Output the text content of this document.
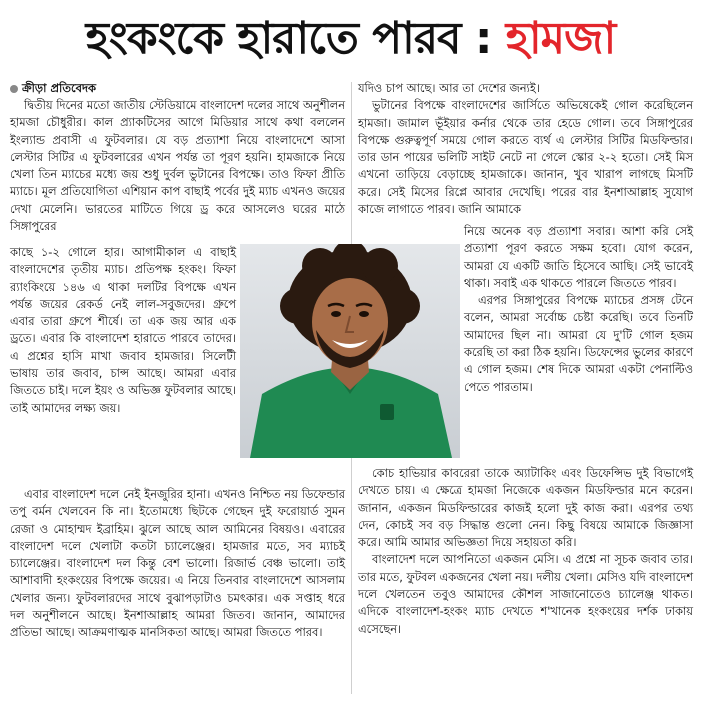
হংকংকে হারাতে পারব : হামজা
ক্রীড়া প্রতিবেদক

দ্বিতীয় দিনের মতো জাতীয় স্টেডিয়ামে বাংলাদেশ দলের সাথে অনুশীলন হামজা চৌধুরীর। কাল প্র্যাকটিসের আগে মিডিয়ার সাথে কথা বললেন ইংল্যান্ড প্রবাসী এ ফুটবলার। যে বড় প্রত্যাশা নিয়ে বাংলাদেশে আসা লেস্টার সিটির এ ফুটবলারের এখন পর্যন্ত তা পূরণ হয়নি। হামজাকে নিয়ে খেলা তিন ম্যাচের মধ্যে জয় শুধু দুর্বল ভুটানের বিপক্ষে। তাও ফিফা প্রীতি ম্যাচে। মূল প্রতিযোগিতা এশিয়ান কাপ বাছাই পর্বের দুই ম্যাচ এখনও জয়ের দেখা মেলেনি। ভারতের মাটিতে গিয়ে ড্র করে আসলেও ঘরের মাঠে সিঙ্গাপুরের

কাছে ১-২ গোলে হার। আগামীকাল এ বাছাই বাংলাদেশের তৃতীয় ম্যাচ। প্রতিপক্ষ হংকং। ফিফা র‍্যাংকিংয়ে ১৪৬ এ থাকা দলটির বিপক্ষে এখন পর্যন্ত জয়ের রেকর্ড নেই লাল-সবুজদের। গ্রুপে এবার তারা গ্রুপে শীর্ষে। তা এক জয় আর এক ড্রতে। এবার কি বাংলাদেশ হারাতে পারবে তাদের। এ প্রশ্নের হাসি মাখা জবাব হামজার। সিলেটী ভাষায় তার জবাব, চান্স আছে। আমরা এবার জিততে চাই। দলে ইয়ং ও অভিজ্ঞ ফুটবলার আছে। তাই আমাদের লক্ষ্য জয়।

এবার বাংলাদেশ দলে নেই ইনজুরির হানা। এখনও নিশ্চিত নয় ডিফেন্ডার তপু বর্মন খেলবেন কি না। ইতোমধ্যে ছিটকে গেছেন দুই ফরোয়ার্ড সুমন রেজা ও মোহাম্মদ ইব্রাহিম। ঝুলে আছে আল আমিনের বিষয়ও। এবারের বাংলাদেশ দলে খেলাটা কতটা চ্যালেঞ্জের। হামজার মতে, সব ম্যাচই চ্যালেঞ্জের। বাংলাদেশ দল কিন্তু বেশ ভালো। রিজার্ভ বেঞ্চ ভালো। তাই আশাবাদী হংকংয়ের বিপক্ষে জয়ের। এ নিয়ে তিনবার বাংলাদেশে আসলাম খেলার জন্য। ফুটবলারদের সাথে বুঝাপড়াটাও চমৎকার। এক সপ্তাহ ধরে দল অনুশীলনে আছে। ইনশাআল্লাহ আমরা জিতব। জানান, আমাদের প্রতিভা আছে। আক্রমণাত্মক মানসিকতা আছে। আমরা জিততে পারব।

যদিও চাপ আছে। আর তা দেশের জন্যই।

ভুটানের বিপক্ষে বাংলাদেশের জার্সিতে অভিষেকেই গোল করেছিলেন হামজা। জামাল ভূঁইয়ার কর্নার থেকে তার হেডে গোল। তবে সিঙ্গাপুরের বিপক্ষে গুরুত্বপূর্ণ সময়ে গোল করতে ব্যর্থ এ লেস্টার সিটির মিডফিল্ডার। তার ডান পায়ের ভলিটি সাইট নেটে না গেলে স্কোর ২-২ হতো। সেই মিস এখনো তাড়িয়ে বেড়াচ্ছে হামজাকে। জানান, খুব খারাপ লাগছে মিসটি করে। সেই মিসের রিপ্লে আবার দেখেছি। পরের বার ইনশাআল্লাহ সুযোগ কাজে লাগাতে পারব। জানি আমাকে

নিয়ে অনেক বড় প্রত্যাশা সবার। আশা করি সেই প্রত্যাশা পূরণ করতে সক্ষম হবো। যোগ করেন, আমরা যে একটি জাতি হিসেবে আছি। সেই ভাবেই থাকা। সবাই এক থাকতে পারলে জিততে পারব।

এরপর সিঙ্গাপুরের বিপক্ষে ম্যাচের প্রসঙ্গ টেনে বলেন, আমরা সর্বোচ্চ চেষ্টা করেছি। তবে তিনটি আমাদের ছিল না। আমরা যে দু'টি গোল হজম করেছি তা করা ঠিক হয়নি। ডিফেন্সের ভুলের কারণে এ গোল হজম। শেষ দিকে আমরা একটা পেনাল্টিও পেতে পারতাম।

কোচ হাভিয়ার কাবরেরা তাকে অ্যাটাকিং এবং ডিফেন্সিভ দুই বিভাগেই দেখতে চায়। এ ক্ষেত্রে হামজা নিজেকে একজন মিডফিল্ডার মনে করেন। জানান, একজন মিডফিল্ডারের কাজই হলো দুই কাজ করা। এরপর তথ্য দেন, কোচই সব বড় সিদ্ধান্ত গুলো নেন। কিছু বিষয়ে আমাকে জিজ্ঞাসা করে। আমি আমার অভিজ্ঞতা দিয়ে সহায়তা করি।

বাংলাদেশ দলে আপনিতো একজন মেসি। এ প্রশ্নে না সূচক জবাব তার। তার মতে, ফুটবল একজনের খেলা নয়। দলীয় খেলা। মেসিও যদি বাংলাদেশ দলে খেলতেন তবুও আমাদের কৌশল সাজানোতেও চ্যালেঞ্জ থাকত। এদিকে বাংলাদেশ-হংকং ম্যাচ দেখতে শ'খানেক হংকংয়ের দর্শক ঢাকায় এসেছেন।
